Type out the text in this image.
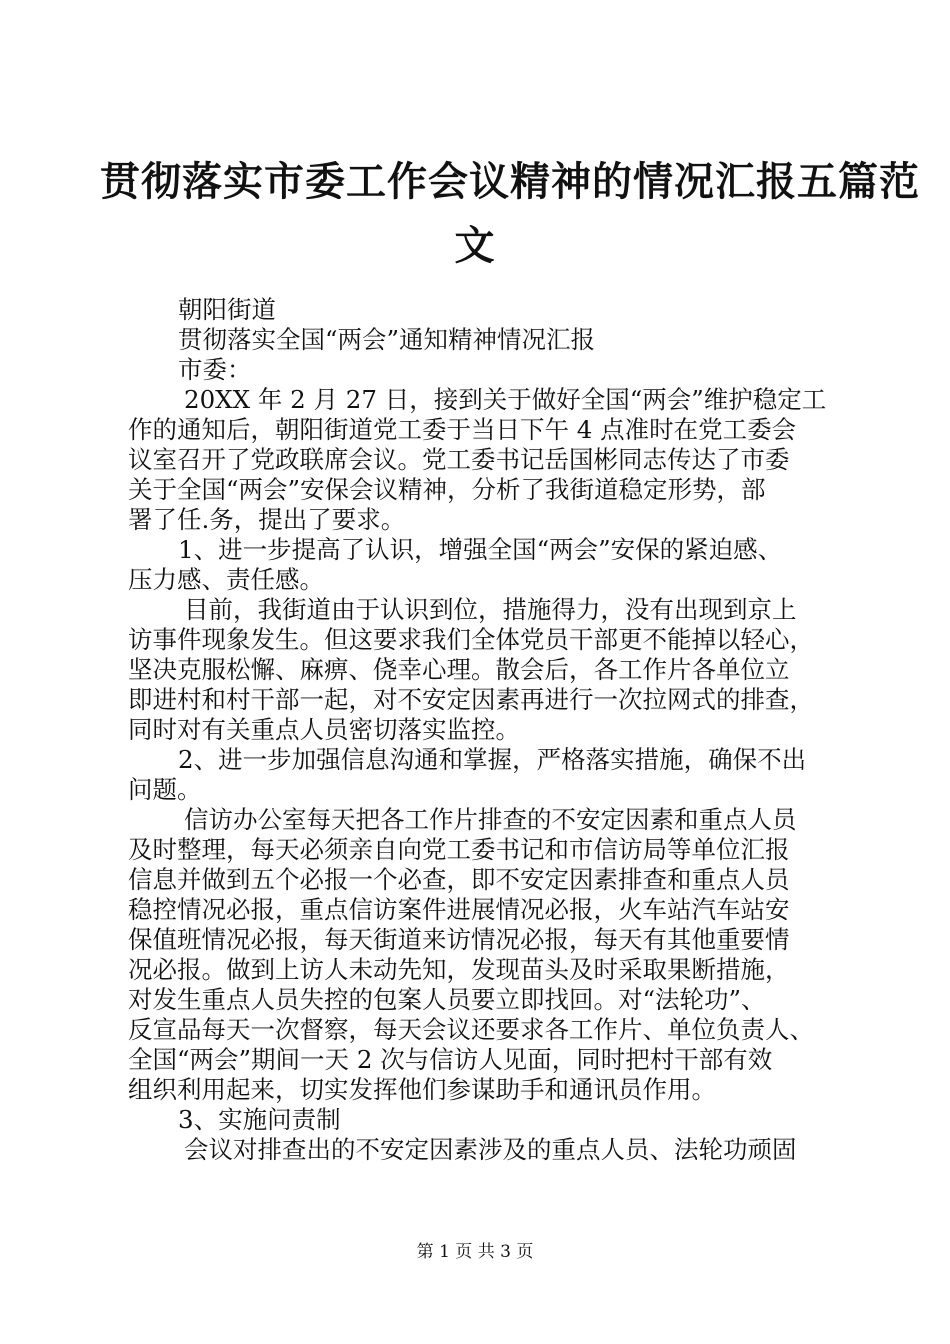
贯彻落实市委工作会议精神的情况汇报五篇范
文
朝阳街道
贯彻落实全国“两会”通知精神情况汇报
市委：
20XX 年 2 月 27 日，接到关于做好全国“两会”维护稳定工
作的通知后，朝阳街道党工委于当日下午 4 点准时在党工委会
议室召开了党政联席会议。党工委书记岳国彬同志传达了市委
关于全国“两会”安保会议精神，分析了我街道稳定形势，部
署了任.务，提出了要求。
1、进一步提高了认识，增强全国“两会”安保的紧迫感、
压力感、责任感。
目前，我街道由于认识到位，措施得力，没有出现到京上
访事件现象发生。但这要求我们全体党员干部更不能掉以轻心，
坚决克服松懈、麻痹、侥幸心理。散会后，各工作片各单位立
即进村和村干部一起，对不安定因素再进行一次拉网式的排查，
同时对有关重点人员密切落实监控。
2、进一步加强信息沟通和掌握，严格落实措施，确保不出
问题。
信访办公室每天把各工作片排查的不安定因素和重点人员
及时整理，每天必须亲自向党工委书记和市信访局等单位汇报
信息并做到五个必报一个必查，即不安定因素排查和重点人员
稳控情况必报，重点信访案件进展情况必报，火车站汽车站安
保值班情况必报，每天街道来访情况必报，每天有其他重要情
况必报。做到上访人未动先知，发现苗头及时采取果断措施，
对发生重点人员失控的包案人员要立即找回。对“法轮功”、
反宣品每天一次督察，每天会议还要求各工作片、单位负责人、
全国“两会”期间一天 2 次与信访人见面，同时把村干部有效
组织利用起来，切实发挥他们参谋助手和通讯员作用。
3、实施问责制
会议对排查出的不安定因素涉及的重点人员、法轮功顽固
第 1 页 共 3 页
